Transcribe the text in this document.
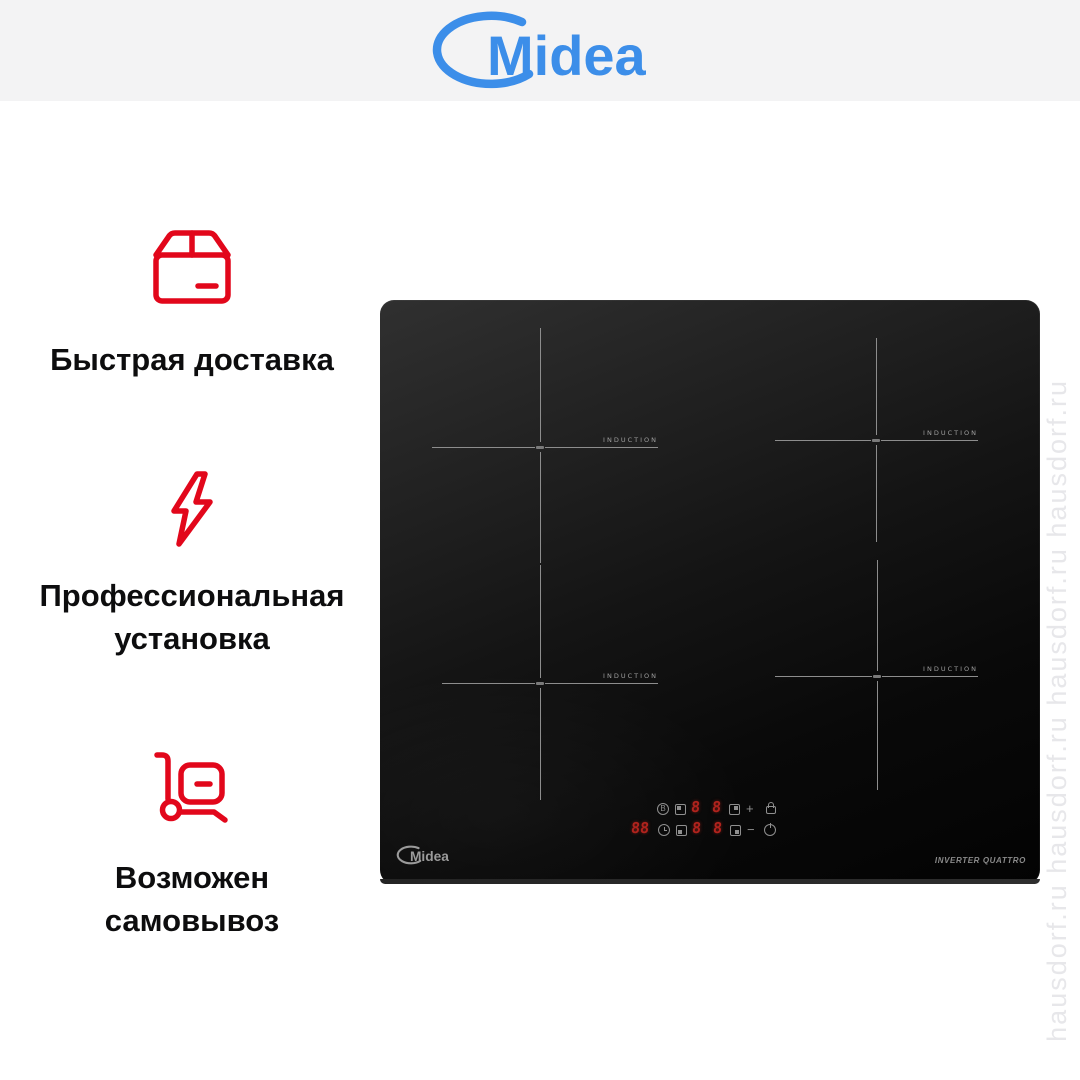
hausdorf.ru hausdorf.ru hausdorf.ru hausdorf.ru
Midea
Быстрая доставка
Профессиональная
установка
Возможен
самовывоз
INDUCTION
INDUCTION
INDUCTION
INDUCTION
B 8 8 +
88	8 8 −
Midea	INVERTER QUATTRO
